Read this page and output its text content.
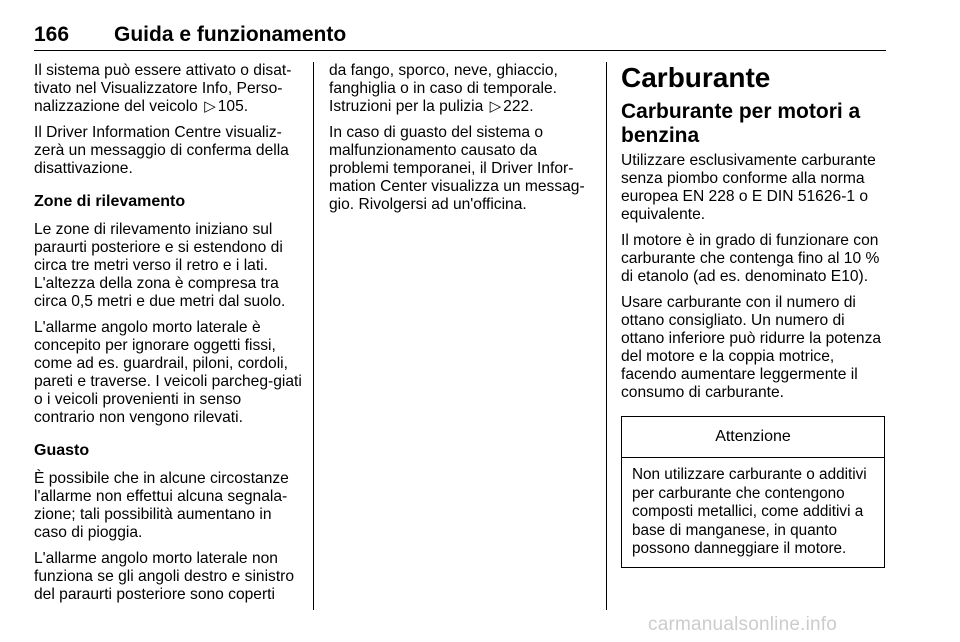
166 Guida e funzionamento

Il sistema può essere attivato o disat-tivato nel Visualizzatore Info, Perso-nalizzazione del veicolo ▷ 105.

Il Driver Information Centre visualiz-zerà un messaggio di conferma della disattivazione.

Zone di rilevamento

Le zone di rilevamento iniziano sul paraurti posteriore e si estendono di circa tre metri verso il retro e i lati. L'altezza della zona è compresa tra circa 0,5 metri e due metri dal suolo.

L'allarme angolo morto laterale è concepito per ignorare oggetti fissi, come ad es. guardrail, piloni, cordoli, pareti e traverse. I veicoli parcheg-giati o i veicoli provenienti in senso contrario non vengono rilevati.

Guasto

È possibile che in alcune circostanze l'allarme non effettui alcuna segnala-zione; tali possibilità aumentano in caso di pioggia.

L'allarme angolo morto laterale non funziona se gli angoli destro e sinistro del paraurti posteriore sono coperti

da fango, sporco, neve, ghiaccio, fanghiglia o in caso di temporale. Istruzioni per la pulizia ▷ 222.

In caso di guasto del sistema o malfunzionamento causato da problemi temporanei, il Driver Infor-mation Center visualizza un messag-gio. Rivolgersi ad un'officina.

Carburante
Carburante per motori a benzina

Utilizzare esclusivamente carburante senza piombo conforme alla norma europea EN 228 o E DIN 51626-1 o equivalente.

Il motore è in grado di funzionare con carburante che contenga fino al 10 % di etanolo (ad es. denominato E10).

Usare carburante con il numero di ottano consigliato. Un numero di ottano inferiore può ridurre la potenza del motore e la coppia motrice, facendo aumentare leggermente il consumo di carburante.

Attenzione
Non utilizzare carburante o additivi per carburante che contengono composti metallici, come additivi a base di manganese, in quanto possono danneggiare il motore.
carmanualsonline.info
